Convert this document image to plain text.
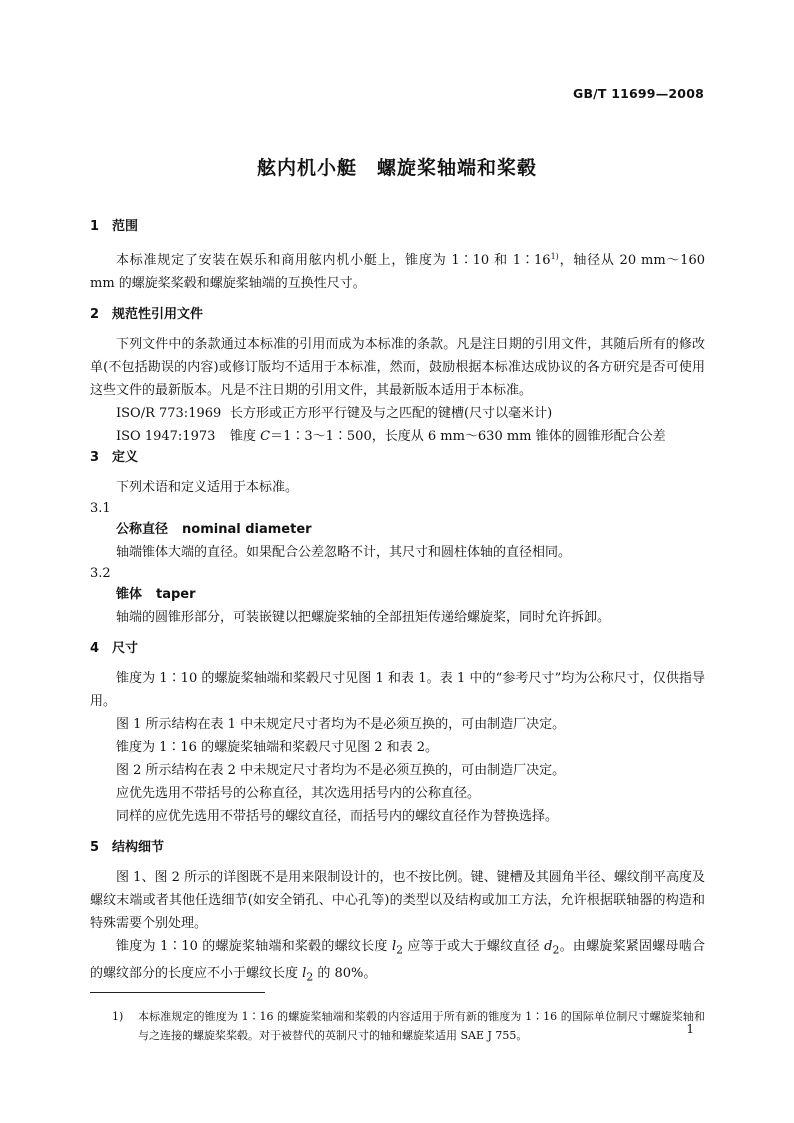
GB/T 11699—2008
舷内机小艇　螺旋桨轴端和桨毂
1 范围

本标准规定了安装在娱乐和商用舷内机小艇上，锥度为 1∶10 和 1∶16$^{1)}$，轴径从 20 mm～160 mm 的螺旋桨桨毂和螺旋桨轴端的互换性尺寸。

2 规范性引用文件

下列文件中的条款通过本标准的引用而成为本标准的条款。凡是注日期的引用文件，其随后所有的修改单(不包括勘误的内容)或修订版均不适用于本标准，然而，鼓励根据本标准达成协议的各方研究是否可使用这些文件的最新版本。凡是不注日期的引用文件，其最新版本适用于本标准。

ISO/R 773:1969 长方形或正方形平行键及与之匹配的键槽(尺寸以毫米计)

ISO 1947:1973 锥度 C＝1∶3～1∶500，长度从 6 mm～630 mm 锥体的圆锥形配合公差

3 定义

下列术语和定义适用于本标准。

3.1

公称直径 nominal diameter

轴端锥体大端的直径。如果配合公差忽略不计，其尺寸和圆柱体轴的直径相同。

3.2

锥体 taper

轴端的圆锥形部分，可装嵌键以把螺旋桨轴的全部扭矩传递给螺旋桨，同时允许拆卸。

4 尺寸

锥度为 1∶10 的螺旋桨轴端和桨毂尺寸见图 1 和表 1。表 1 中的“参考尺寸”均为公称尺寸，仅供指导用。

图 1 所示结构在表 1 中未规定尺寸者均为不是必须互换的，可由制造厂决定。

锥度为 1∶16 的螺旋桨轴端和桨毂尺寸见图 2 和表 2。

图 2 所示结构在表 2 中未规定尺寸者均为不是必须互换的，可由制造厂决定。

应优先选用不带括号的公称直径，其次选用括号内的公称直径。

同样的应优先选用不带括号的螺纹直径，而括号内的螺纹直径作为替换选择。

5 结构细节

图 1、图 2 所示的详图既不是用来限制设计的，也不按比例。键、键槽及其圆角半径、螺纹削平高度及螺纹末端或者其他任选细节(如安全销孔、中心孔等)的类型以及结构或加工方法，允许根据联轴器的构造和特殊需要个别处理。

锥度为 1∶10 的螺旋桨轴端和桨毂的螺纹长度 $l_2$ 应等于或大于螺纹直径 $d_2$。由螺旋桨紧固螺母啮合的螺纹部分的长度应不小于螺纹长度 $l_2$ 的 80%。

1)	本标准规定的锥度为 1∶16 的螺旋桨轴端和桨毂的内容适用于所有新的锥度为 1∶16 的国际单位制尺寸螺旋桨轴和与之连接的螺旋桨桨毂。对于被替代的英制尺寸的轴和螺旋桨适用 SAE J 755。	1
